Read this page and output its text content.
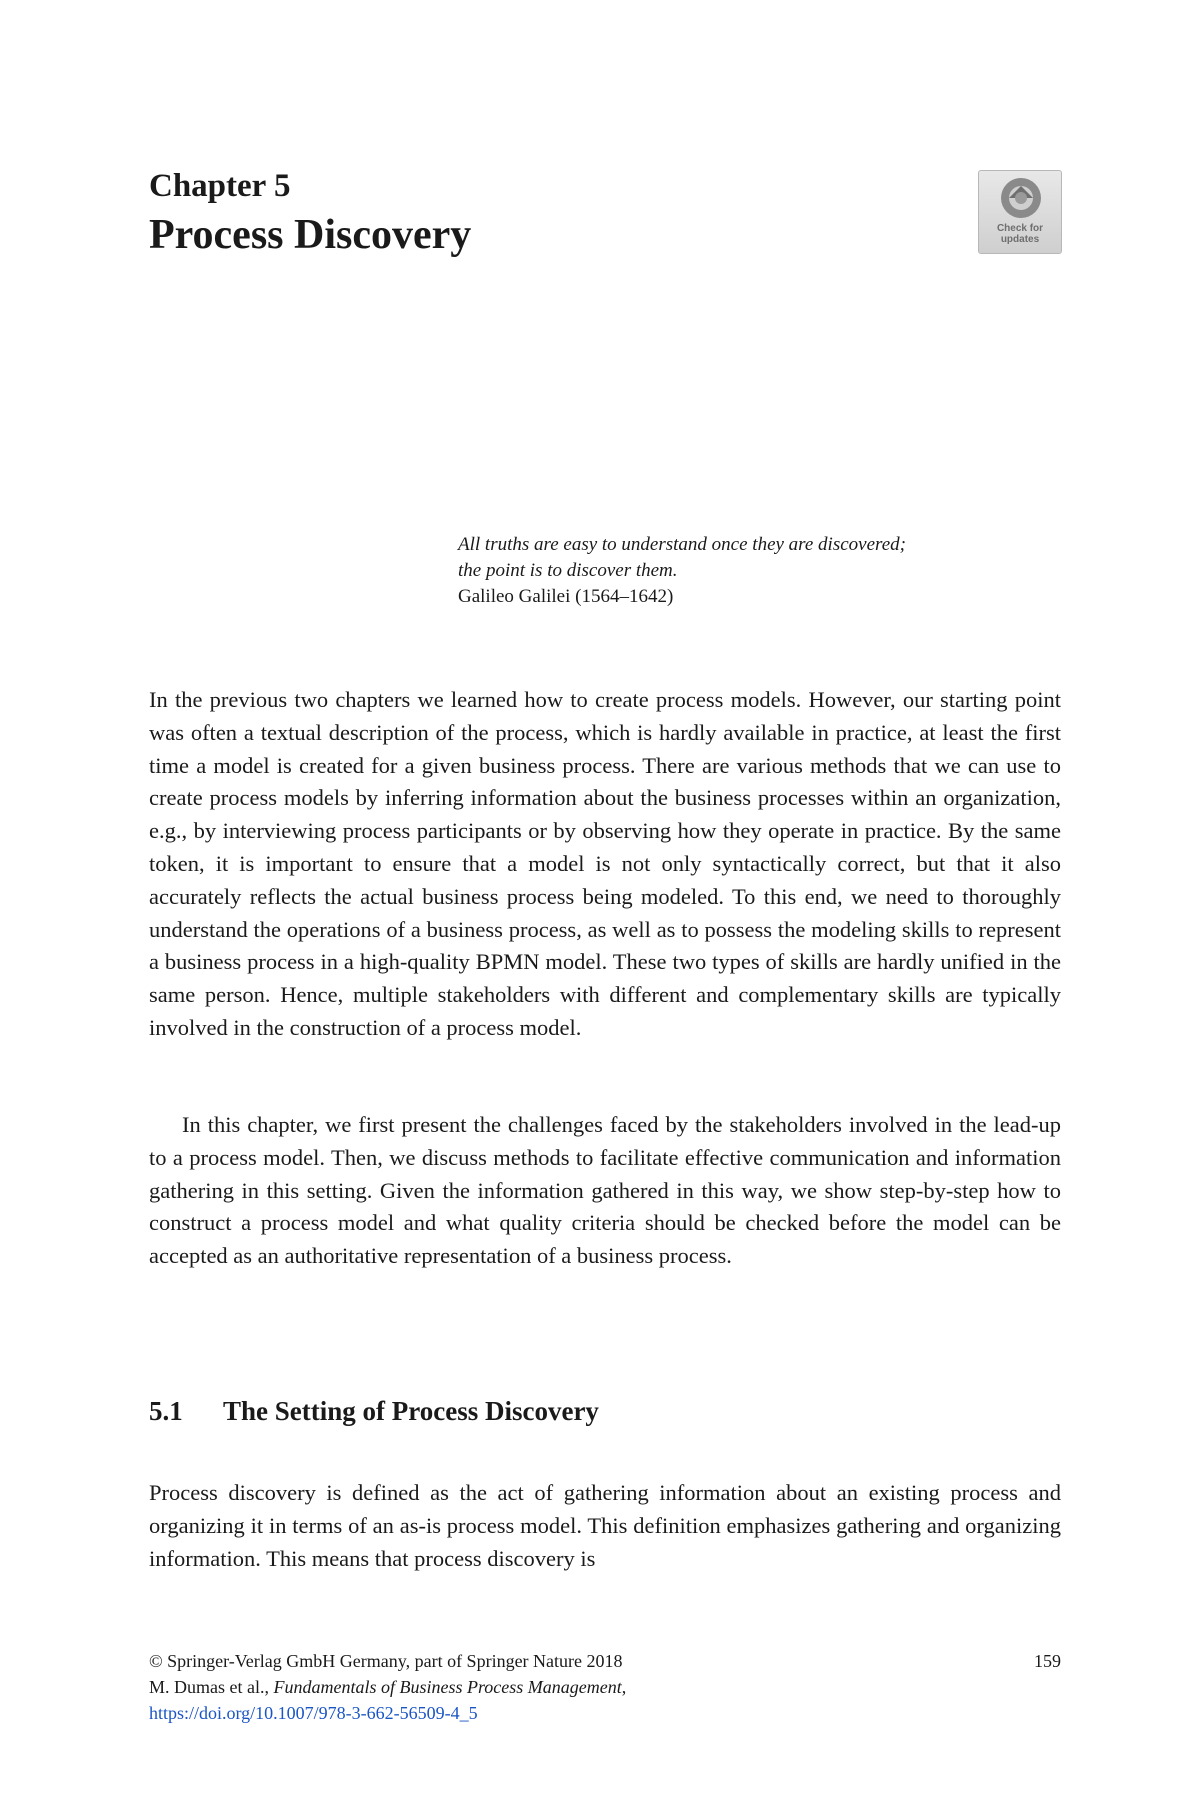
Chapter 5
Process Discovery	Check for
updates
All truths are easy to understand once they are discovered;
the point is to discover them.
Galileo Galilei (1564–1642)

In the previous two chapters we learned how to create process models. However, our starting point was often a textual description of the process, which is hardly available in practice, at least the first time a model is created for a given business process. There are various methods that we can use to create process models by inferring information about the business processes within an organization, e.g., by interviewing process participants or by observing how they operate in practice. By the same token, it is important to ensure that a model is not only syntactically correct, but that it also accurately reflects the actual business process being modeled. To this end, we need to thoroughly understand the operations of a business process, as well as to possess the modeling skills to represent a business process in a high-quality BPMN model. These two types of skills are hardly unified in the same person. Hence, multiple stakeholders with different and complementary skills are typically involved in the construction of a process model.

In this chapter, we first present the challenges faced by the stakeholders involved in the lead-up to a process model. Then, we discuss methods to facilitate effective communication and information gathering in this setting. Given the information gathered in this way, we show step-by-step how to construct a process model and what quality criteria should be checked before the model can be accepted as an authoritative representation of a business process.

5.1 The Setting of Process Discovery

Process discovery is defined as the act of gathering information about an existing process and organizing it in terms of an as-is process model. This definition emphasizes gathering and organizing information. This means that process discovery is

© Springer-Verlag GmbH Germany, part of Springer Nature 2018	159
M. Dumas et al., Fundamentals of Business Process Management,
https://doi.org/10.1007/978-3-662-56509-4_5
